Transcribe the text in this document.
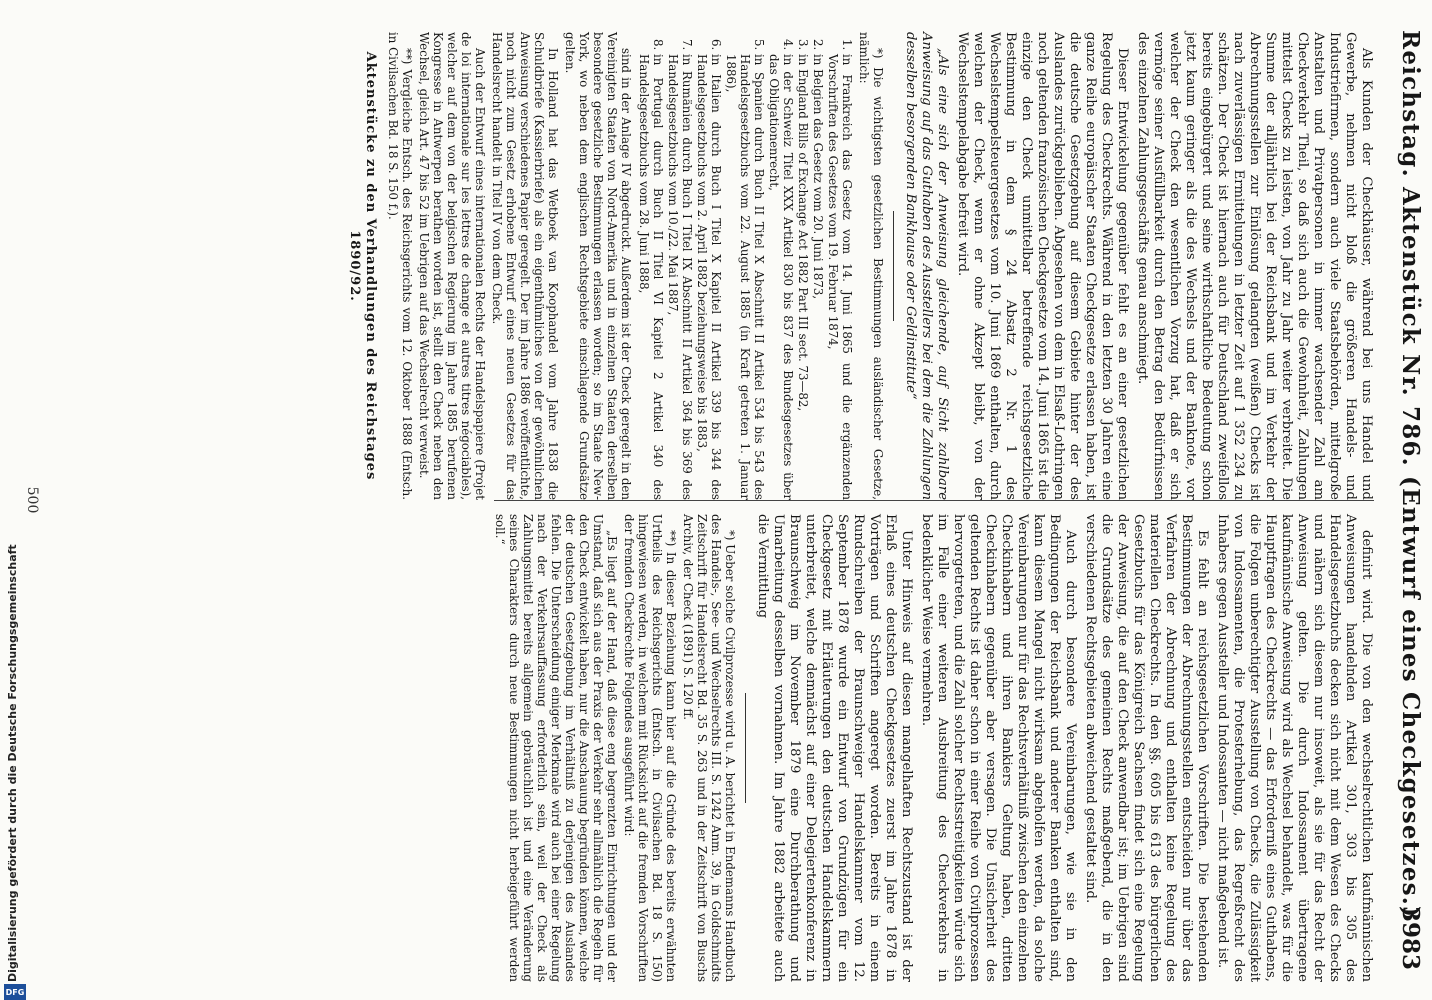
Digitalisierung gefördert durch die Deutsche Forschungsgemeinschaft
DFG
Reichstag. Aktenstück Nr. 786. (Entwurf eines Checkgesetzes.)
3983

Als Kunden der Checkhäuser, während bei uns Handel und Gewerbe, nehmen nicht bloß die größeren Handels- und Industriefirmen, sondern auch viele Staatsbehörden, mittelgroße Anstalten und Privatpersonen in immer wachsender Zahl am Checkverkehr Theil, so daß sich auch die Gewohnheit, Zahlungen mittelst Checks zu leisten, von Jahr zu Jahr weiter verbreitet. Die Summe der alljährlich bei der Reichsbank und im Verkehr der Abrechnungsstellen zur Einlösung gelangten (weißen) Checks ist nach zuverlässigen Ermittelungen in letzter Zeit auf 1 352 234 zu schätzen. Der Check ist hiernach auch für Deutschland zweifellos bereits eingebürgert und seine wirthschaftliche Bedeutung schon jetzt kaum geringer als die des Wechsels und der Banknote, vor welcher der Check den wesentlichen Vorzug hat, daß er sich vermöge seiner Ausfüllbarkeit durch den Betrag den Bedürfnissen des einzelnen Zahlungsgeschäfts genau anschmiegt.

Dieser Entwickelung gegenüber fehlt es an einer gesetzlichen Regelung des Checkrechts. Während in den letzten 30 Jahren eine ganze Reihe europäischer Staaten Checkgesetze erlassen haben, ist die deutsche Gesetzgebung auf diesem Gebiete hinter der des Auslandes zurückgeblieben. Abgesehen von dem in Elsaß-Lothringen noch geltenden französischen Checkgesetze vom 14. Juni 1865 ist die einzige den Check unmittelbar betreffende reichsgesetzliche Bestimmung in dem § 24 Absatz 2 Nr. 1 des Wechselstempelsteuergesetzes vom 10. Juni 1869 enthalten, durch welchen der Check, wenn er ohne Akzept bleibt, von der Wechselstempelabgabe befreit wird.

„Als eine sich der Anweisung gleichende, auf Sicht zahlbare Anweisung auf das Guthaben des Ausstellers bei dem die Zahlungen desselben besorgenden Bankhause oder Geldinstitute“

*) Die wichtigsten gesetzlichen Bestimmungen ausländischer Gesetze, nämlich:

1. in Frankreich das Gesetz vom 14. Juni 1865 und die ergänzenden Vorschriften des Gesetzes vom 19. Februar 1874,
2. in Belgien das Gesetz vom 20. Juni 1873,
3. in England Bills of Exchange Act 1882 Part III sect. 73—82,
4. in der Schweiz Titel XXX Artikel 830 bis 837 des Bundesgesetzes über das Obligationenrecht,
5. in Spanien durch Buch II Titel X Abschnitt II Artikel 534 bis 543 des Handelsgesetzbuchs vom 22. August 1885 (in Kraft getreten 1. Januar 1886),
6. in Italien durch Buch I Titel X Kapitel II Artikel 339 bis 344 des Handelsgesetzbuchs vom 2. April 1882 beziehungsweise bis 1883,
7. in Rumänien durch Buch I Titel IX Abschnitt II Artikel 364 bis 369 des Handelsgesetzbuchs vom 10./22. Mai 1887,
8. in Portugal durch Buch II Titel VI Kapitel 2 Artikel 340 des Handelsgesetzbuchs vom 28. Juni 1888,

sind in der Anlage IV abgedruckt. Außerdem ist der Check geregelt in den Vereinigten Staaten von Nord-Amerika und in einzelnen Staaten derselben besondere gesetzliche Bestimmungen erlassen worden; so im Staate New-York, wo neben dem englischen Rechtsgebiete einschlagende Grundsätze gelten.

In Holland hat das Wetboek van Koophandel vom Jahre 1838 die Schuldbriefe (Kassierbriefe) als ein eigenthümliches von der gewöhnlichen Anweisung verschiedenes Papier geregelt. Der im Jahre 1886 veröffentlichte, noch nicht zum Gesetz erhobene Entwurf eines neuen Gesetzes für das Handelsrecht handelt in Titel IV von dem Check.

Auch der Entwurf eines internationalen Rechts der Handelspapiere (Projet de loi internationale sur les lettres de change et autres titres négociables), welcher auf dem von der belgischen Regierung im Jahre 1885 berufenen Kongresse in Antwerpen berathen worden ist, stellt den Check neben den Wechsel, gleich Art. 47 bis 52 im Uebrigen auf das Wechselrecht verweist.

**) Vergleiche Entsch. des Reichsgerichts vom 12. Oktober 1888 (Entsch. in Civilsachen Bd. 18 S. 150 f.).

Aktenstücke zu den Verhandlungen des Reichstages 1890/92.

definirt wird. Die von den wechselrechtlichen kaufmännischen Anweisungen handelnden Artikel 301, 303 bis 305 des Handelsgesetzbuchs decken sich nicht mit dem Wesen des Checks und nähern sich diesem nur insoweit, als sie für das Recht der Anweisung gelten. Die durch Indossament übertragene kaufmännische Anweisung wird als Wechsel behandelt, was für die Hauptfragen des Checkrechts — das Erforderniß eines Guthabens, die Folgen unberechtigter Ausstellung von Checks, die Zulässigkeit von Indossamenten, die Protesterhebung, das Regreßrecht des Inhabers gegen Aussteller und Indossanten — nicht maßgebend ist.

Es fehlt an reichsgesetzlichen Vorschriften. Die bestehenden Bestimmungen der Abrechnungsstellen entscheiden nur über das Verfahren der Abrechnung und enthalten keine Regelung des materiellen Checkrechts. In den §§. 605 bis 613 des bürgerlichen Gesetzbuchs für das Königreich Sachsen findet sich eine Regelung der Anweisung, die auf den Check anwendbar ist; im Uebrigen sind die Grundsätze des gemeinen Rechts maßgebend, die in den verschiedenen Rechtsgebieten abweichend gestaltet sind.

Auch durch besondere Vereinbarungen, wie sie in den Bedingungen der Reichsbank und anderer Banken enthalten sind, kann diesem Mangel nicht wirksam abgeholfen werden, da solche Vereinbarungen nur für das Rechtsverhältniß zwischen den einzelnen Checkinhabern und ihren Bankiers Geltung haben, dritten Checkinhabern gegenüber aber versagen. Die Unsicherheit des geltenden Rechts ist daher schon in einer Reihe von Civilprozessen hervorgetreten, und die Zahl solcher Rechtsstreitigkeiten würde sich im Falle einer weiteren Ausbreitung des Checkverkehrs in bedenklicher Weise vermehren.

Unter Hinweis auf diesen mangelhaften Rechtszustand ist der Erlaß eines deutschen Checkgesetzes zuerst im Jahre 1878 in Vorträgen und Schriften angeregt worden. Bereits in einem Rundschreiben der Braunschweiger Handelskammer vom 12. September 1878 wurde ein Entwurf von Grundzügen für ein Checkgesetz mit Erläuterungen den deutschen Handelskammern unterbreitet, welche demnächst auf einer Delegiertenkonferenz in Braunschweig im November 1879 eine Durchberathung und Umarbeitung desselben vornahmen. Im Jahre 1882 arbeitete auch die Vermittlung

*) Ueber solche Civilprozesse wird u. A. berichtet in Endemanns Handbuch des Handels-, See- und Wechselrechts III. S. 1242 Anm. 39, in Goldschmidts Zeitschrift für Handelsrecht Bd. 35 S. 263 und in der Zeitschrift von Buschs Archiv, der Check (1891) S. 120 ff.

**) In dieser Beziehung kann hier auf die Gründe des bereits erwähnten Urtheils des Reichsgerichts (Entsch. in Civilsachen Bd. 18 S. 150) hingewiesen werden, in welchem mit Rücksicht auf die fremden Vorschriften der fremden Checkrechte Folgendes ausgeführt wird:

„Es liegt auf der Hand, daß diese eng begrenzten Einrichtungen und der Umstand, daß sich aus der Praxis der Verkehr sehr allmählich die Regeln für den Check entwickelt haben, nur die Anschauung begründen können, welche der deutschen Gesetzgebung im Verhältniß zu derjenigen des Auslandes fehlen. Die Unterscheidung einiger Merkmale wird auch bei einer Regelung nach der Verkehrsauffassung erforderlich sein, weil der Check als Zahlungsmittel bereits allgemein gebräuchlich ist und eine Veränderung seines Charakters durch neue Bestimmungen nicht herbeigeführt werden soll.“

500
